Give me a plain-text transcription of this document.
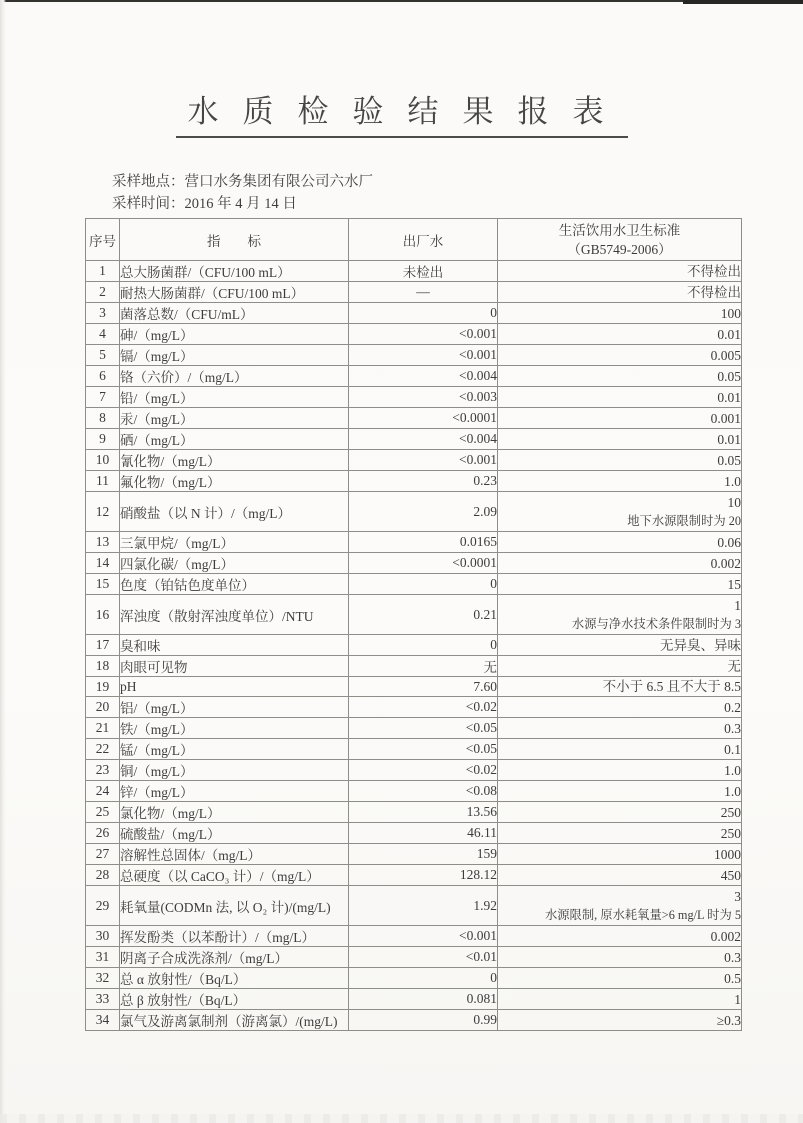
水质检验结果报表
采样地点：营口水务集团有限公司六水厂
采样时间：2016 年 4 月 14 日
序号	指　　标	出厂水	生活饮用水卫生标准
（GB5749-2006）

1	总大肠菌群/（CFU/100 mL）	未检出	不得检出

2	耐热大肠菌群/（CFU/100 mL）	—	不得检出

3	菌落总数/（CFU/mL）	0	100

4	砷/（mg/L）	<0.001	0.01

5	镉/（mg/L）	<0.001	0.005

6	铬（六价）/（mg/L）	<0.004	0.05

7	铅/（mg/L）	<0.003	0.01

8	汞/（mg/L）	<0.0001	0.001

9	硒/（mg/L）	<0.004	0.01

10	氰化物/（mg/L）	<0.001	0.05

11	氟化物/（mg/L）	0.23	1.0

12	硝酸盐（以 N 计）/（mg/L）	2.09	10
地下水源限制时为 20

13	三氯甲烷/（mg/L）	0.0165	0.06

14	四氯化碳/（mg/L）	<0.0001	0.002

15	色度（铂钴色度单位）	0	15

16	浑浊度（散射浑浊度单位）/NTU	0.21	1
水源与净水技术条件限制时为 3

17	臭和味	0	无异臭、异味

18	肉眼可见物	无	无

19	pH	7.60	不小于 6.5 且不大于 8.5

20	铝/（mg/L）	<0.02	0.2

21	铁/（mg/L）	<0.05	0.3

22	锰/（mg/L）	<0.05	0.1

23	铜/（mg/L）	<0.02	1.0

24	锌/（mg/L）	<0.08	1.0

25	氯化物/（mg/L）	13.56	250

26	硫酸盐/（mg/L）	46.11	250

27	溶解性总固体/（mg/L）	159	1000

28	总硬度（以 CaCO₃ 计）/（mg/L）	128.12	450

29	耗氧量(CODMn 法, 以 O₂ 计)/(mg/L)	1.92	3
水源限制, 原水耗氧量>6 mg/L 时为 5

30	挥发酚类（以苯酚计）/（mg/L）	<0.001	0.002

31	阴离子合成洗涤剂/（mg/L）	<0.01	0.3

32	总 α 放射性/（Bq/L）	0	0.5

33	总 β 放射性/（Bq/L）	0.081	1

34	氯气及游离氯制剂（游离氯）/(mg/L)	0.99	≥0.3
